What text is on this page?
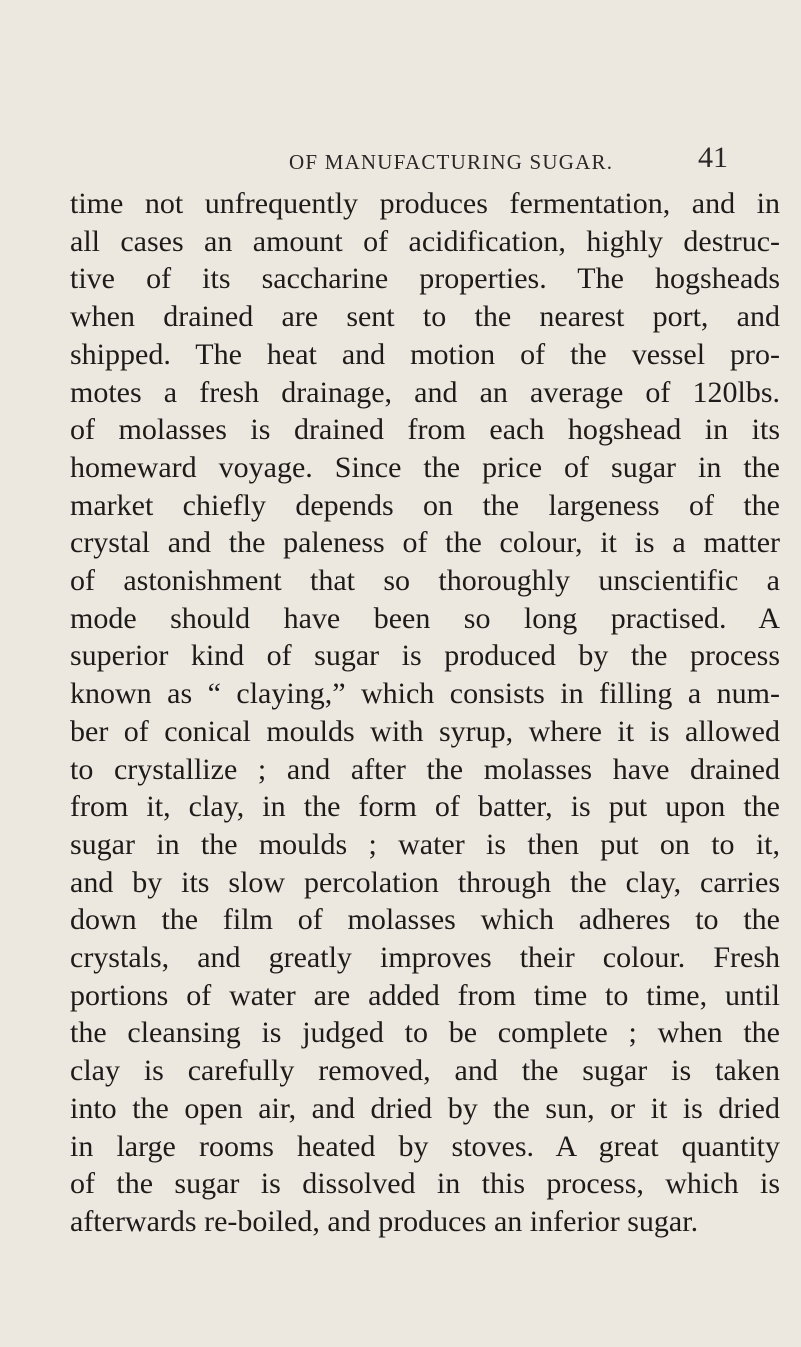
OF MANUFACTURING SUGAR.	41
time not unfrequently produces fermentation, and in
all cases an amount of acidification, highly destruc-
tive of its saccharine properties. The hogsheads
when drained are sent to the nearest port, and
shipped. The heat and motion of the vessel pro-
motes a fresh drainage, and an average of 120lbs.
of molasses is drained from each hogshead in its
homeward voyage. Since the price of sugar in the
market chiefly depends on the largeness of the
crystal and the paleness of the colour, it is a matter
of astonishment that so thoroughly unscientific a
mode should have been so long practised. A
superior kind of sugar is produced by the process
known as “ claying,” which consists in filling a num-
ber of conical moulds with syrup, where it is allowed
to crystallize ; and after the molasses have drained
from it, clay, in the form of batter, is put upon the
sugar in the moulds ; water is then put on to it,
and by its slow percolation through the clay, carries
down the film of molasses which adheres to the
crystals, and greatly improves their colour. Fresh
portions of water are added from time to time, until
the cleansing is judged to be complete ; when the
clay is carefully removed, and the sugar is taken
into the open air, and dried by the sun, or it is dried
in large rooms heated by stoves. A great quantity
of the sugar is dissolved in this process, which is
afterwards re-boiled, and produces an inferior sugar.
